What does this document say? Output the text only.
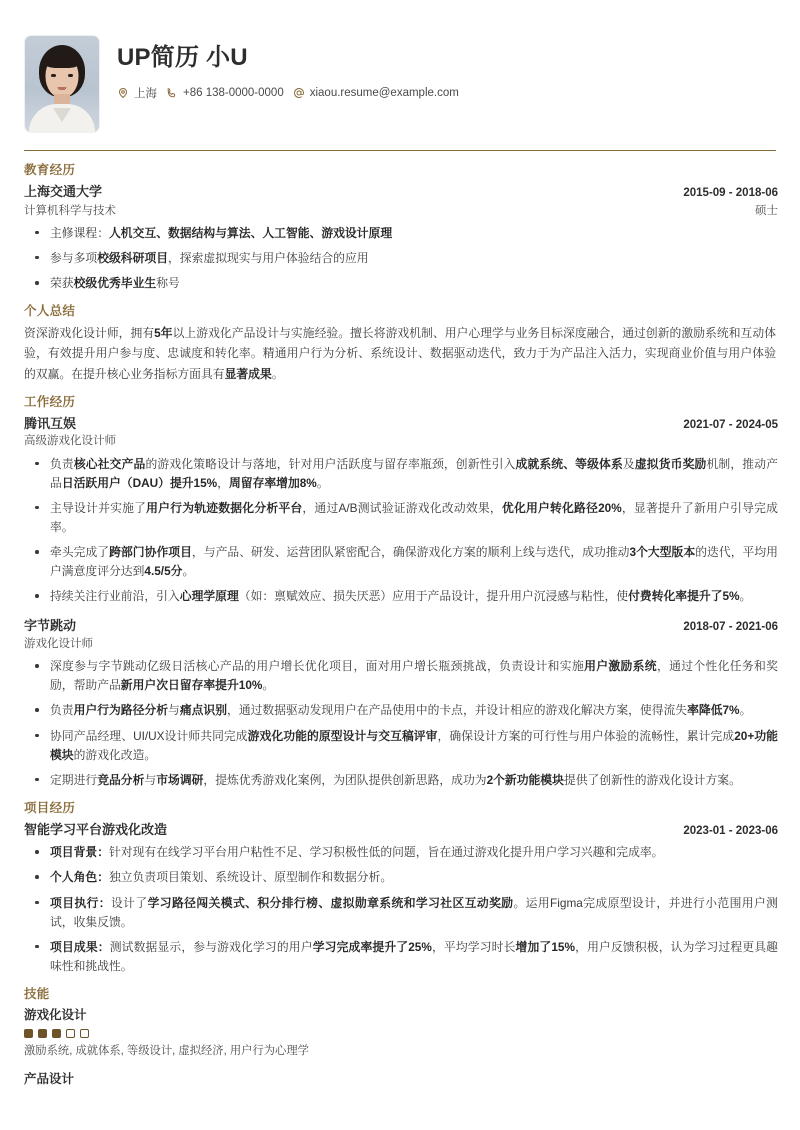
UP简历 小U
上海 +86 138-0000-0000 xiaou.resume@example.com
教育经历
上海交通大学	2015-09 - 2018-06
计算机科学与技术	硕士
主修课程：人机交互、数据结构与算法、人工智能、游戏设计原理
参与多项校级科研项目，探索虚拟现实与用户体验结合的应用
荣获校级优秀毕业生称号
个人总结
资深游戏化设计师，拥有5年以上游戏化产品设计与实施经验。擅长将游戏机制、用户心理学与业务目标深度融合，通过创新的激励系统和互动体验，有效提升用户参与度、忠诚度和转化率。精通用户行为分析、系统设计、数据驱动迭代，致力于为产品注入活力，实现商业价值与用户体验的双赢。在提升核心业务指标方面具有显著成果。
工作经历
腾讯互娱	2021-07 - 2024-05
高级游戏化设计师
负责核心社交产品的游戏化策略设计与落地，针对用户活跃度与留存率瓶颈，创新性引入成就系统、等级体系及虚拟货币奖励机制，推动产品日活跃用户（DAU）提升15%，周留存率增加8%。
主导设计并实施了用户行为轨迹数据化分析平台，通过A/B测试验证游戏化改动效果，优化用户转化路径20%，显著提升了新用户引导完成率。
牵头完成了跨部门协作项目，与产品、研发、运营团队紧密配合，确保游戏化方案的顺利上线与迭代，成功推动3个大型版本的迭代，平均用户满意度评分达到4.5/5分。
持续关注行业前沿，引入心理学原理（如：禀赋效应、损失厌恶）应用于产品设计，提升用户沉浸感与粘性，使付费转化率提升了5%。
字节跳动	2018-07 - 2021-06
游戏化设计师
深度参与字节跳动亿级日活核心产品的用户增长优化项目，面对用户增长瓶颈挑战，负责设计和实施用户激励系统，通过个性化任务和奖励，帮助产品新用户次日留存率提升10%。
负责用户行为路径分析与痛点识别，通过数据驱动发现用户在产品使用中的卡点，并设计相应的游戏化解决方案，使得流失率降低7%。
协同产品经理、UI/UX设计师共同完成游戏化功能的原型设计与交互稿评审，确保设计方案的可行性与用户体验的流畅性，累计完成20+功能模块的游戏化改造。
定期进行竞品分析与市场调研，提炼优秀游戏化案例，为团队提供创新思路，成功为2个新功能模块提供了创新性的游戏化设计方案。
项目经历
智能学习平台游戏化改造	2023-01 - 2023-06
项目背景：针对现有在线学习平台用户粘性不足、学习积极性低的问题，旨在通过游戏化提升用户学习兴趣和完成率。
个人角色：独立负责项目策划、系统设计、原型制作和数据分析。
项目执行：设计了学习路径闯关模式、积分排行榜、虚拟勋章系统和学习社区互动奖励。运用Figma完成原型设计，并进行小范围用户测试，收集反馈。
项目成果：测试数据显示，参与游戏化学习的用户学习完成率提升了25%，平均学习时长增加了15%，用户反馈积极，认为学习过程更具趣味性和挑战性。
技能
游戏化设计
激励系统, 成就体系, 等级设计, 虚拟经济, 用户行为心理学
产品设计
